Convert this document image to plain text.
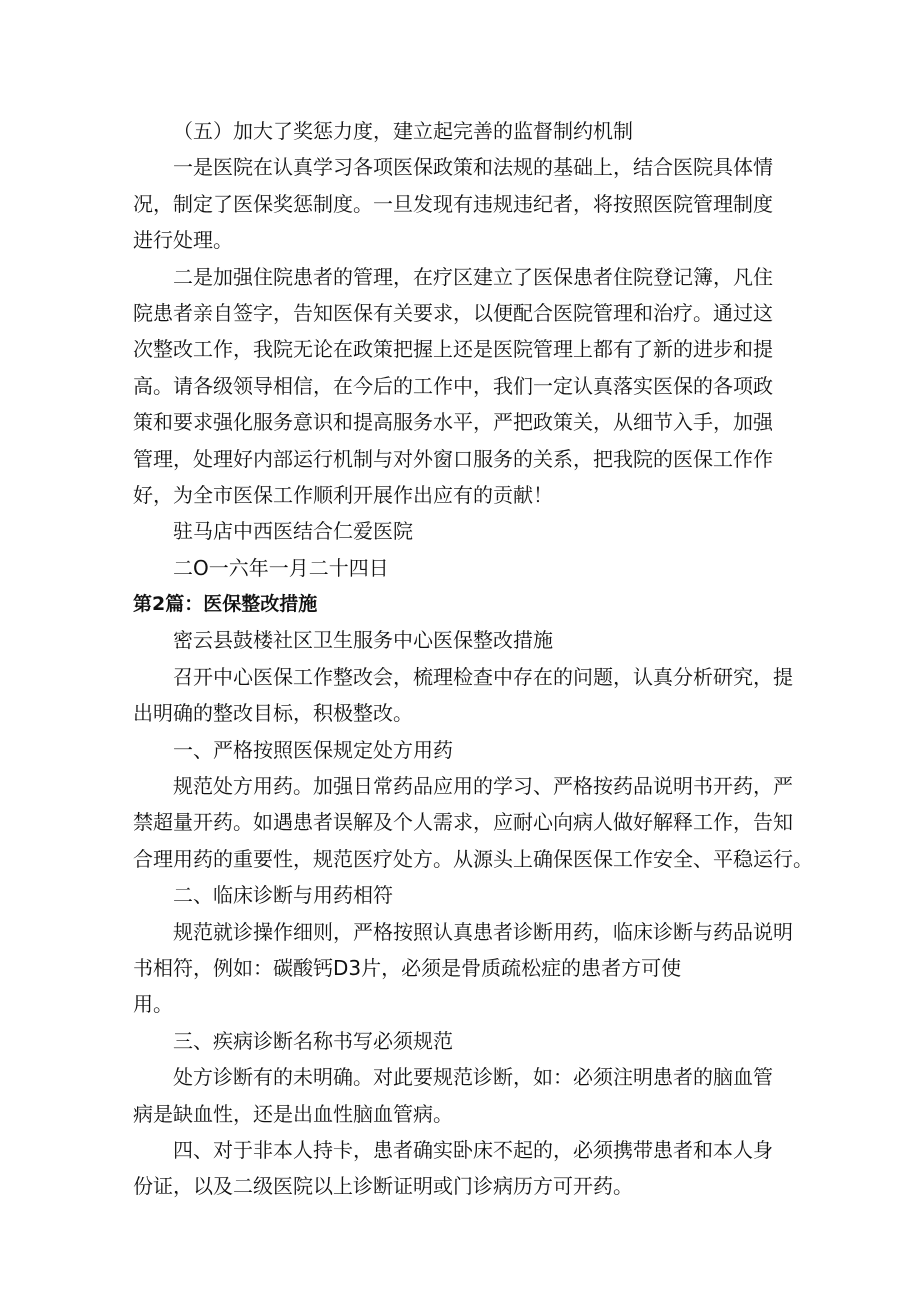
（五）加大了奖惩力度，建立起完善的监督制约机制
一是医院在认真学习各项医保政策和法规的基础上，结合医院具体情
况，制定了医保奖惩制度。一旦发现有违规违纪者，将按照医院管理制度
进行处理。
二是加强住院患者的管理，在疗区建立了医保患者住院登记簿，凡住
院患者亲自签字，告知医保有关要求，以便配合医院管理和治疗。通过这
次整改工作，我院无论在政策把握上还是医院管理上都有了新的进步和提
高。请各级领导相信，在今后的工作中，我们一定认真落实医保的各项政
策和要求强化服务意识和提高服务水平，严把政策关，从细节入手，加强
管理，处理好内部运行机制与对外窗口服务的关系，把我院的医保工作作
好，为全市医保工作顺利开展作出应有的贡献！
驻马店中西医结合仁爱医院
二O一六年一月二十四日
第2篇：医保整改措施
密云县鼓楼社区卫生服务中心医保整改措施
召开中心医保工作整改会，梳理检查中存在的问题，认真分析研究，提
出明确的整改目标，积极整改。
一、严格按照医保规定处方用药
规范处方用药。加强日常药品应用的学习、严格按药品说明书开药，严
禁超量开药。如遇患者误解及个人需求，应耐心向病人做好解释工作，告知
合理用药的重要性，规范医疗处方。从源头上确保医保工作安全、平稳运行。
二、临床诊断与用药相符
规范就诊操作细则，严格按照认真患者诊断用药，临床诊断与药品说明
书相符，例如：碳酸钙D3片，必须是骨质疏松症的患者方可使
用。
三、疾病诊断名称书写必须规范
处方诊断有的未明确。对此要规范诊断，如：必须注明患者的脑血管
病是缺血性，还是出血性脑血管病。
四、对于非本人持卡，患者确实卧床不起的，必须携带患者和本人身
份证，以及二级医院以上诊断证明或门诊病历方可开药。
